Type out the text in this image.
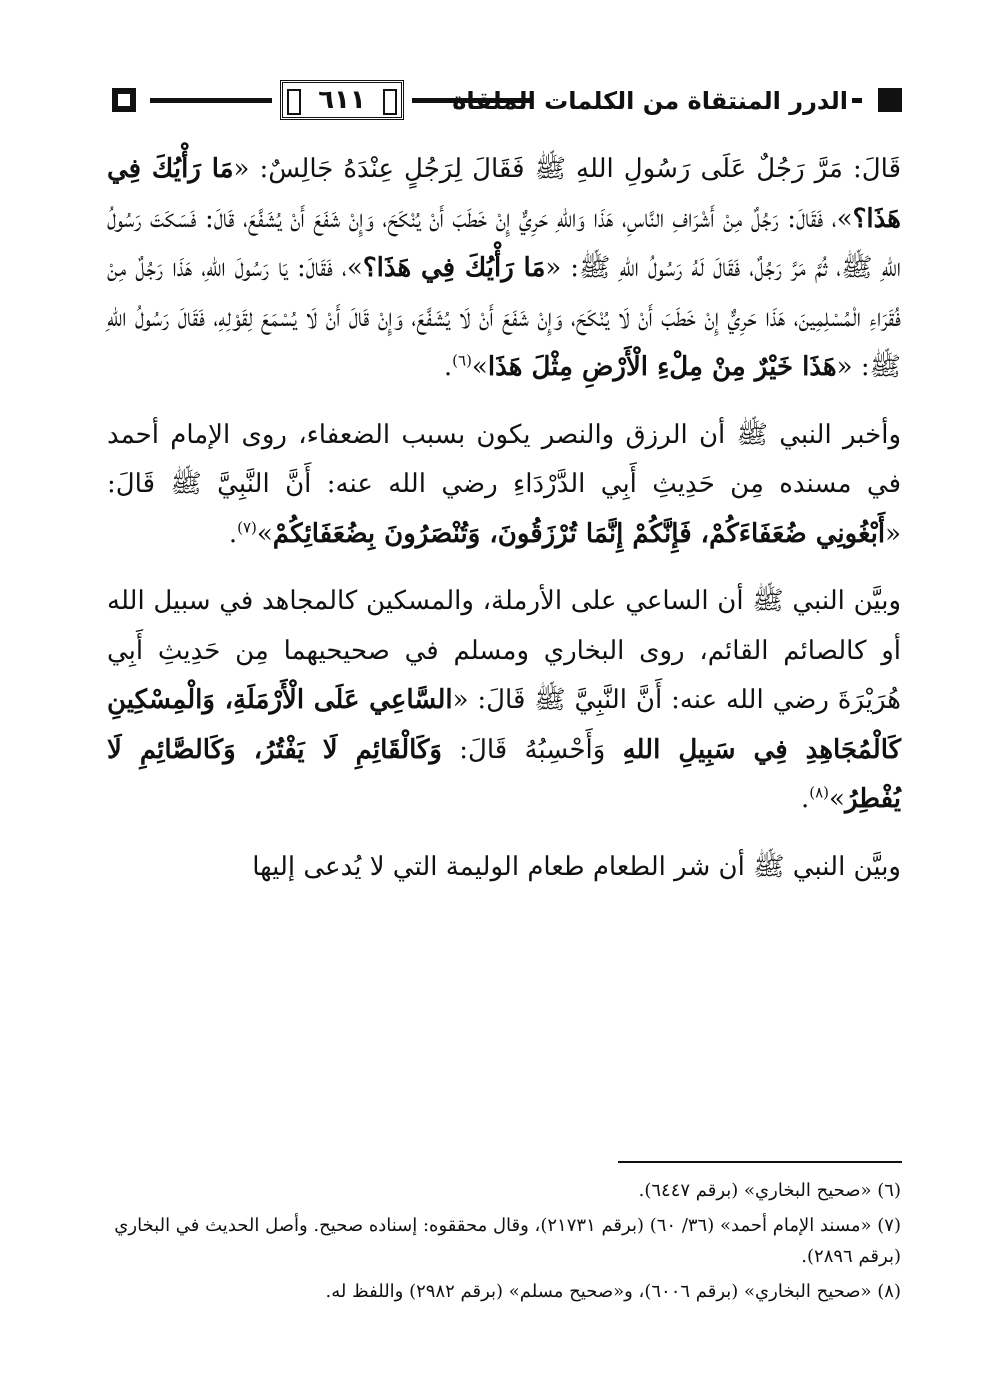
٦١١	الدرر المنتقاة من الكلمات الملقاة

قَالَ: مَرَّ رَجُلٌ عَلَى رَسُولِ اللهِ ﷺ فَقَالَ لِرَجُلٍ عِنْدَهُ جَالِسٌ: «مَا رَأْيُكَ فِي هَذَا؟»، فَقَالَ: رَجُلٌ مِنْ أَشْرَافِ النَّاسِ، هَذَا وَاللهِ حَرِيٌّ إِنْ خَطَبَ أَنْ يُنْكَحَ، وَإِنْ شَفَعَ أَنْ يُشَفَّعَ، قَالَ: فَسَكَتَ رَسُولُ اللهِ ﷺ، ثُمَّ مَرَّ رَجُلٌ، فَقَالَ لَهُ رَسُولُ اللهِ ﷺ: «مَا رَأْيُكَ فِي هَذَا؟»، فَقَالَ: يَا رَسُولَ اللهِ، هَذَا رَجُلٌ مِنْ فُقَرَاءِ الْمُسْلِمِينَ، هَذَا حَرِيٌّ إِنْ خَطَبَ أَنْ لَا يُنْكَحَ، وَإِنْ شَفَعَ أَنْ لَا يُشَفَّعَ، وَإِنْ قَالَ أَنْ لَا يُسْمَعَ لِقَوْلِهِ، فَقَالَ رَسُولُ اللهِ ﷺ: «هَذَا خَيْرٌ مِنْ مِلْءِ الْأَرْضِ مِثْلَ هَذَا»$^{(٦)}$.

وأخبر النبي ﷺ أن الرزق والنصر يكون بسبب الضعفاء، روى الإمام أحمد في مسنده مِن حَدِيثِ أَبِي الدَّرْدَاءِ رضي الله عنه: أَنَّ النَّبِيَّ ﷺ قَالَ: «أَبْغُونِي ضُعَفَاءَكُمْ، فَإِنَّكُمْ إِنَّمَا تُرْزَقُونَ، وَتُنْصَرُونَ بِضُعَفَائِكُمْ»$^{(٧)}$.

وبيَّن النبي ﷺ أن الساعي على الأرملة، والمسكين كالمجاهد في سبيل الله أو كالصائم القائم، روى البخاري ومسلم في صحيحيهما مِن حَدِيثِ أَبِي هُرَيْرَةَ رضي الله عنه: أَنَّ النَّبِيَّ ﷺ قَالَ: «السَّاعِي عَلَى الْأَرْمَلَةِ، وَالْمِسْكِينِ كَالْمُجَاهِدِ فِي سَبِيلِ اللهِ وَأَحْسِبُهُ قَالَ: وَكَالْقَائِمِ لَا يَفْتُرُ، وَكَالصَّائِمِ لَا يُفْطِرُ»$^{(٨)}$.

وبيَّن النبي ﷺ أن شر الطعام طعام الوليمة التي لا يُدعى إليها

(٦) «صحيح البخاري» (برقم ٦٤٤٧).

(٧) «مسند الإمام أحمد» (٣٦/ ٦٠) (برقم ٢١٧٣١)، وقال محققوه: إسناده صحيح. وأصل الحديث في البخاري (برقم ٢٨٩٦).

(٨) «صحيح البخاري» (برقم ٦٠٠٦)، و«صحيح مسلم» (برقم ٢٩٨٢) واللفظ له.
